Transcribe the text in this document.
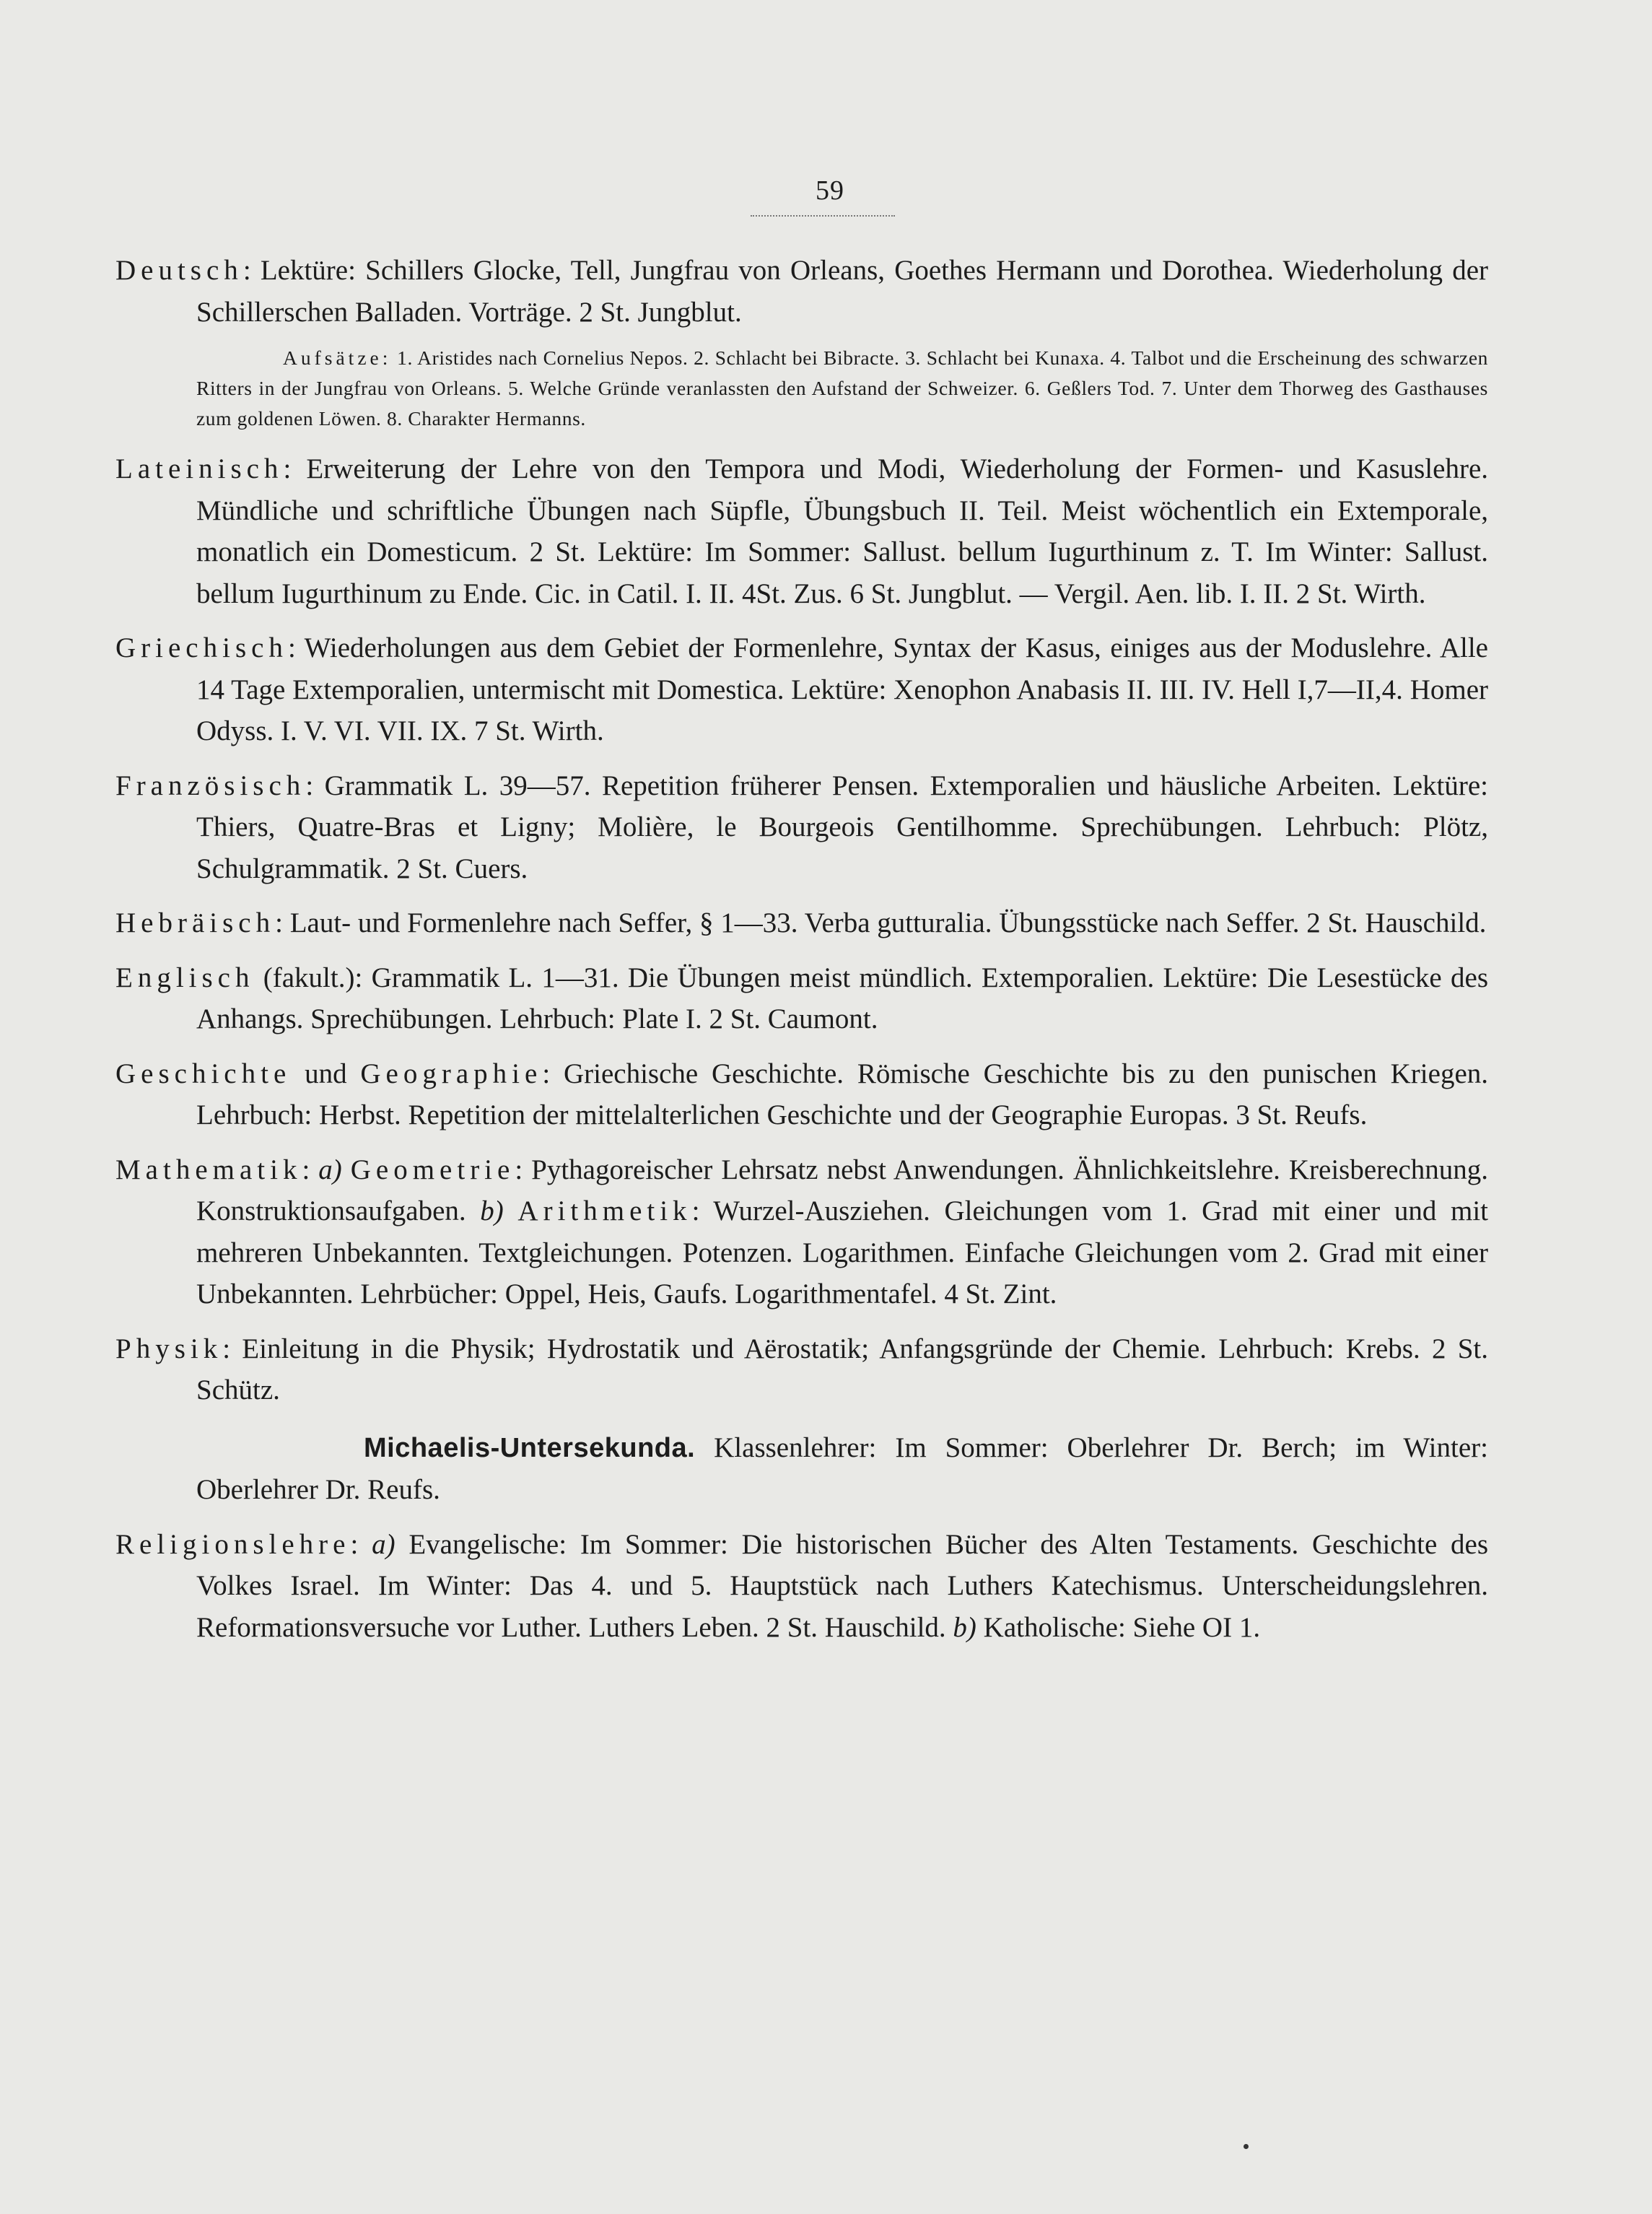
59

Deutsch: Lektüre: Schillers Glocke, Tell, Jungfrau von Orleans, Goethes Hermann und Dorothea. Wiederholung der Schillerschen Balladen. Vorträge. 2 St. Jungblut.

Aufsätze: 1. Aristides nach Cornelius Nepos. 2. Schlacht bei Bibracte. 3. Schlacht bei Kunaxa. 4. Talbot und die Erscheinung des schwarzen Ritters in der Jungfrau von Orleans. 5. Welche Gründe veranlassten den Aufstand der Schweizer. 6. Geßlers Tod. 7. Unter dem Thorweg des Gasthauses zum goldenen Löwen. 8. Charakter Hermanns.

Lateinisch: Erweiterung der Lehre von den Tempora und Modi, Wiederholung der Formen- und Kasuslehre. Mündliche und schriftliche Übungen nach Süpfle, Übungsbuch II. Teil. Meist wöchentlich ein Extemporale, monatlich ein Domesticum. 2 St. Lektüre: Im Sommer: Sallust. bellum Iugurthinum z. T. Im Winter: Sallust. bellum Iugurthinum zu Ende. Cic. in Catil. I. II. 4St. Zus. 6 St. Jungblut. — Vergil. Aen. lib. I. II. 2 St. Wirth.

Griechisch: Wiederholungen aus dem Gebiet der Formenlehre, Syntax der Kasus, einiges aus der Moduslehre. Alle 14 Tage Extemporalien, untermischt mit Domestica. Lektüre: Xenophon Anabasis II. III. IV. Hell I,7—II,4. Homer Odyss. I. V. VI. VII. IX. 7 St. Wirth.

Französisch: Grammatik L. 39—57. Repetition früherer Pensen. Extemporalien und häusliche Arbeiten. Lektüre: Thiers, Quatre-Bras et Ligny; Molière, le Bourgeois Gentilhomme. Sprechübungen. Lehrbuch: Plötz, Schulgrammatik. 2 St. Cuers.

Hebräisch: Laut- und Formenlehre nach Seffer, § 1—33. Verba gutturalia. Übungsstücke nach Seffer. 2 St. Hauschild.

Englisch (fakult.): Grammatik L. 1—31. Die Übungen meist mündlich. Extemporalien. Lektüre: Die Lesestücke des Anhangs. Sprechübungen. Lehrbuch: Plate I. 2 St. Caumont.

Geschichte und Geographie: Griechische Geschichte. Römische Geschichte bis zu den punischen Kriegen. Lehrbuch: Herbst. Repetition der mittelalterlichen Geschichte und der Geographie Europas. 3 St. Reufs.

Mathematik: a) Geometrie: Pythagoreischer Lehrsatz nebst Anwendungen. Ähnlichkeitslehre. Kreisberechnung. Konstruktionsaufgaben. b) Arithmetik: Wurzel-Ausziehen. Gleichungen vom 1. Grad mit einer und mit mehreren Unbekannten. Textgleichungen. Potenzen. Logarithmen. Einfache Gleichungen vom 2. Grad mit einer Unbekannten. Lehrbücher: Oppel, Heis, Gaufs. Logarithmentafel. 4 St. Zint.

Physik: Einleitung in die Physik; Hydrostatik und Aërostatik; Anfangsgründe der Chemie. Lehrbuch: Krebs. 2 St. Schütz.

Michaelis-Untersekunda. Klassenlehrer: Im Sommer: Oberlehrer Dr. Berch; im Winter: Oberlehrer Dr. Reufs.

Religionslehre: a) Evangelische: Im Sommer: Die historischen Bücher des Alten Testaments. Geschichte des Volkes Israel. Im Winter: Das 4. und 5. Hauptstück nach Luthers Katechismus. Unterscheidungslehren. Reformationsversuche vor Luther. Luthers Leben. 2 St. Hauschild. b) Katholische: Siehe OI 1.
